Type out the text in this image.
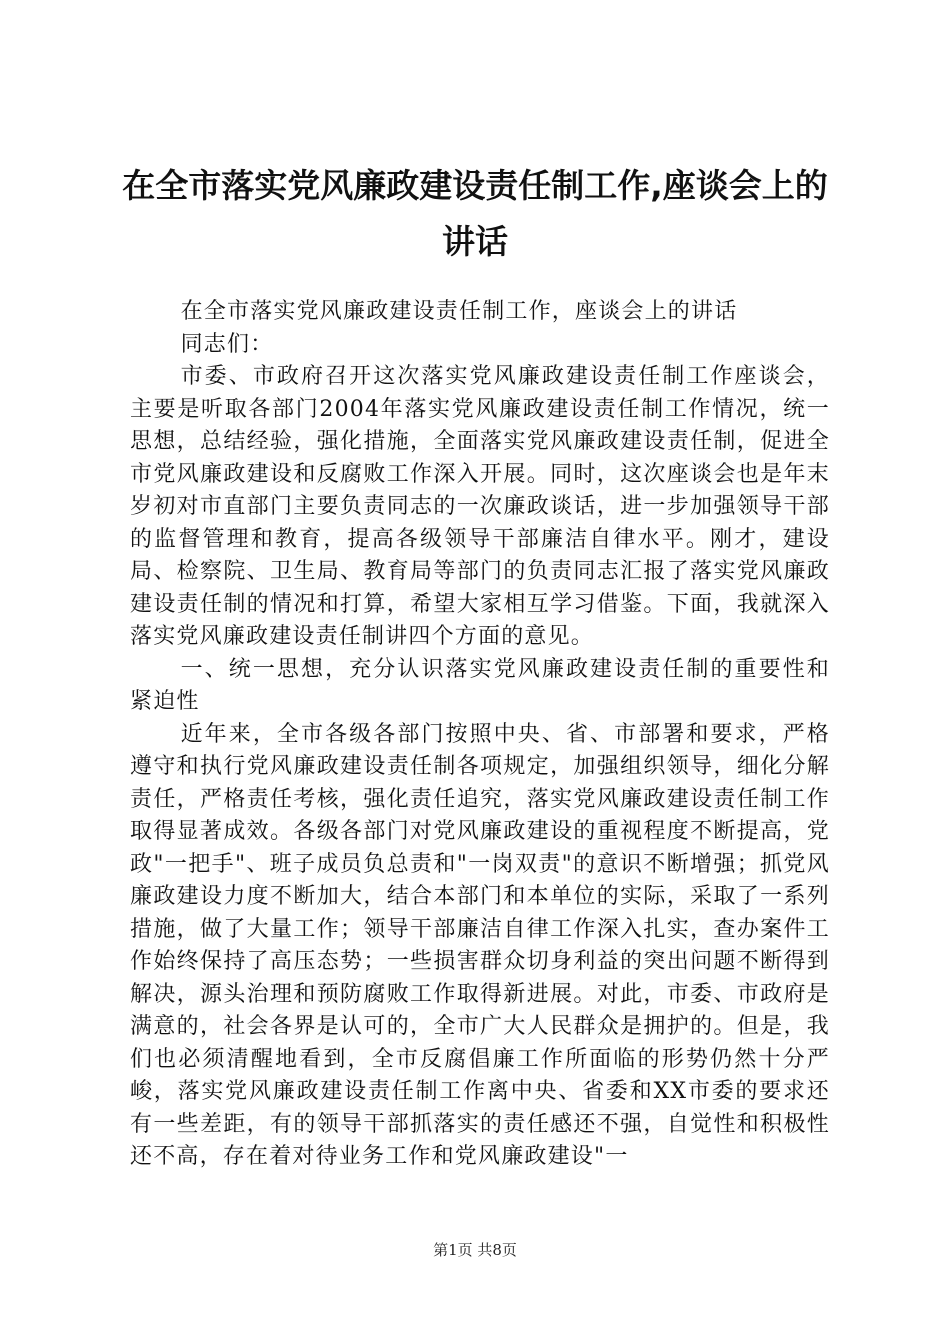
在全市落实党风廉政建设责任制工作,座谈会上的讲话

在全市落实党风廉政建设责任制工作，座谈会上的讲话

同志们：

市委、市政府召开这次落实党风廉政建设责任制工作座谈会，主要是听取各部门2004年落实党风廉政建设责任制工作情况，统一思想，总结经验，强化措施，全面落实党风廉政建设责任制，促进全市党风廉政建设和反腐败工作深入开展。同时，这次座谈会也是年末岁初对市直部门主要负责同志的一次廉政谈话，进一步加强领导干部的监督管理和教育，提高各级领导干部廉洁自律水平。刚才，建设局、检察院、卫生局、教育局等部门的负责同志汇报了落实党风廉政建设责任制的情况和打算，希望大家相互学习借鉴。下面，我就深入落实党风廉政建设责任制讲四个方面的意见。

一、统一思想，充分认识落实党风廉政建设责任制的重要性和紧迫性

近年来，全市各级各部门按照中央、省、市部署和要求，严格遵守和执行党风廉政建设责任制各项规定，加强组织领导，细化分解责任，严格责任考核，强化责任追究，落实党风廉政建设责任制工作取得显著成效。各级各部门对党风廉政建设的重视程度不断提高，党政"一把手"、班子成员负总责和"一岗双责"的意识不断增强；抓党风廉政建设力度不断加大，结合本部门和本单位的实际，采取了一系列措施，做了大量工作；领导干部廉洁自律工作深入扎实，查办案件工作始终保持了高压态势；一些损害群众切身利益的突出问题不断得到解决，源头治理和预防腐败工作取得新进展。对此，市委、市政府是满意的，社会各界是认可的，全市广大人民群众是拥护的。但是，我们也必须清醒地看到，全市反腐倡廉工作所面临的形势仍然十分严峻，落实党风廉政建设责任制工作离中央、省委和XX市委的要求还有一些差距，有的领导干部抓落实的责任感还不强，自觉性和积极性还不高，存在着对待业务工作和党风廉政建设"一

第1页 共8页
